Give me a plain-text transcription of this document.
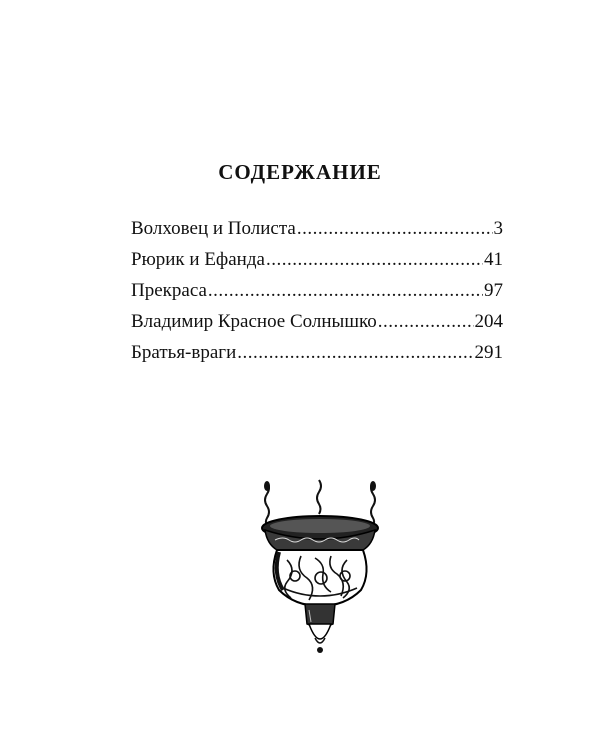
СОДЕРЖАНИЕ
Волховец и Полиста .....	3
Рюрик и Ефанда .....	41
Прекраса .....	97
Владимир Красное Солнышко .....	204
Братья-враги .....	291
